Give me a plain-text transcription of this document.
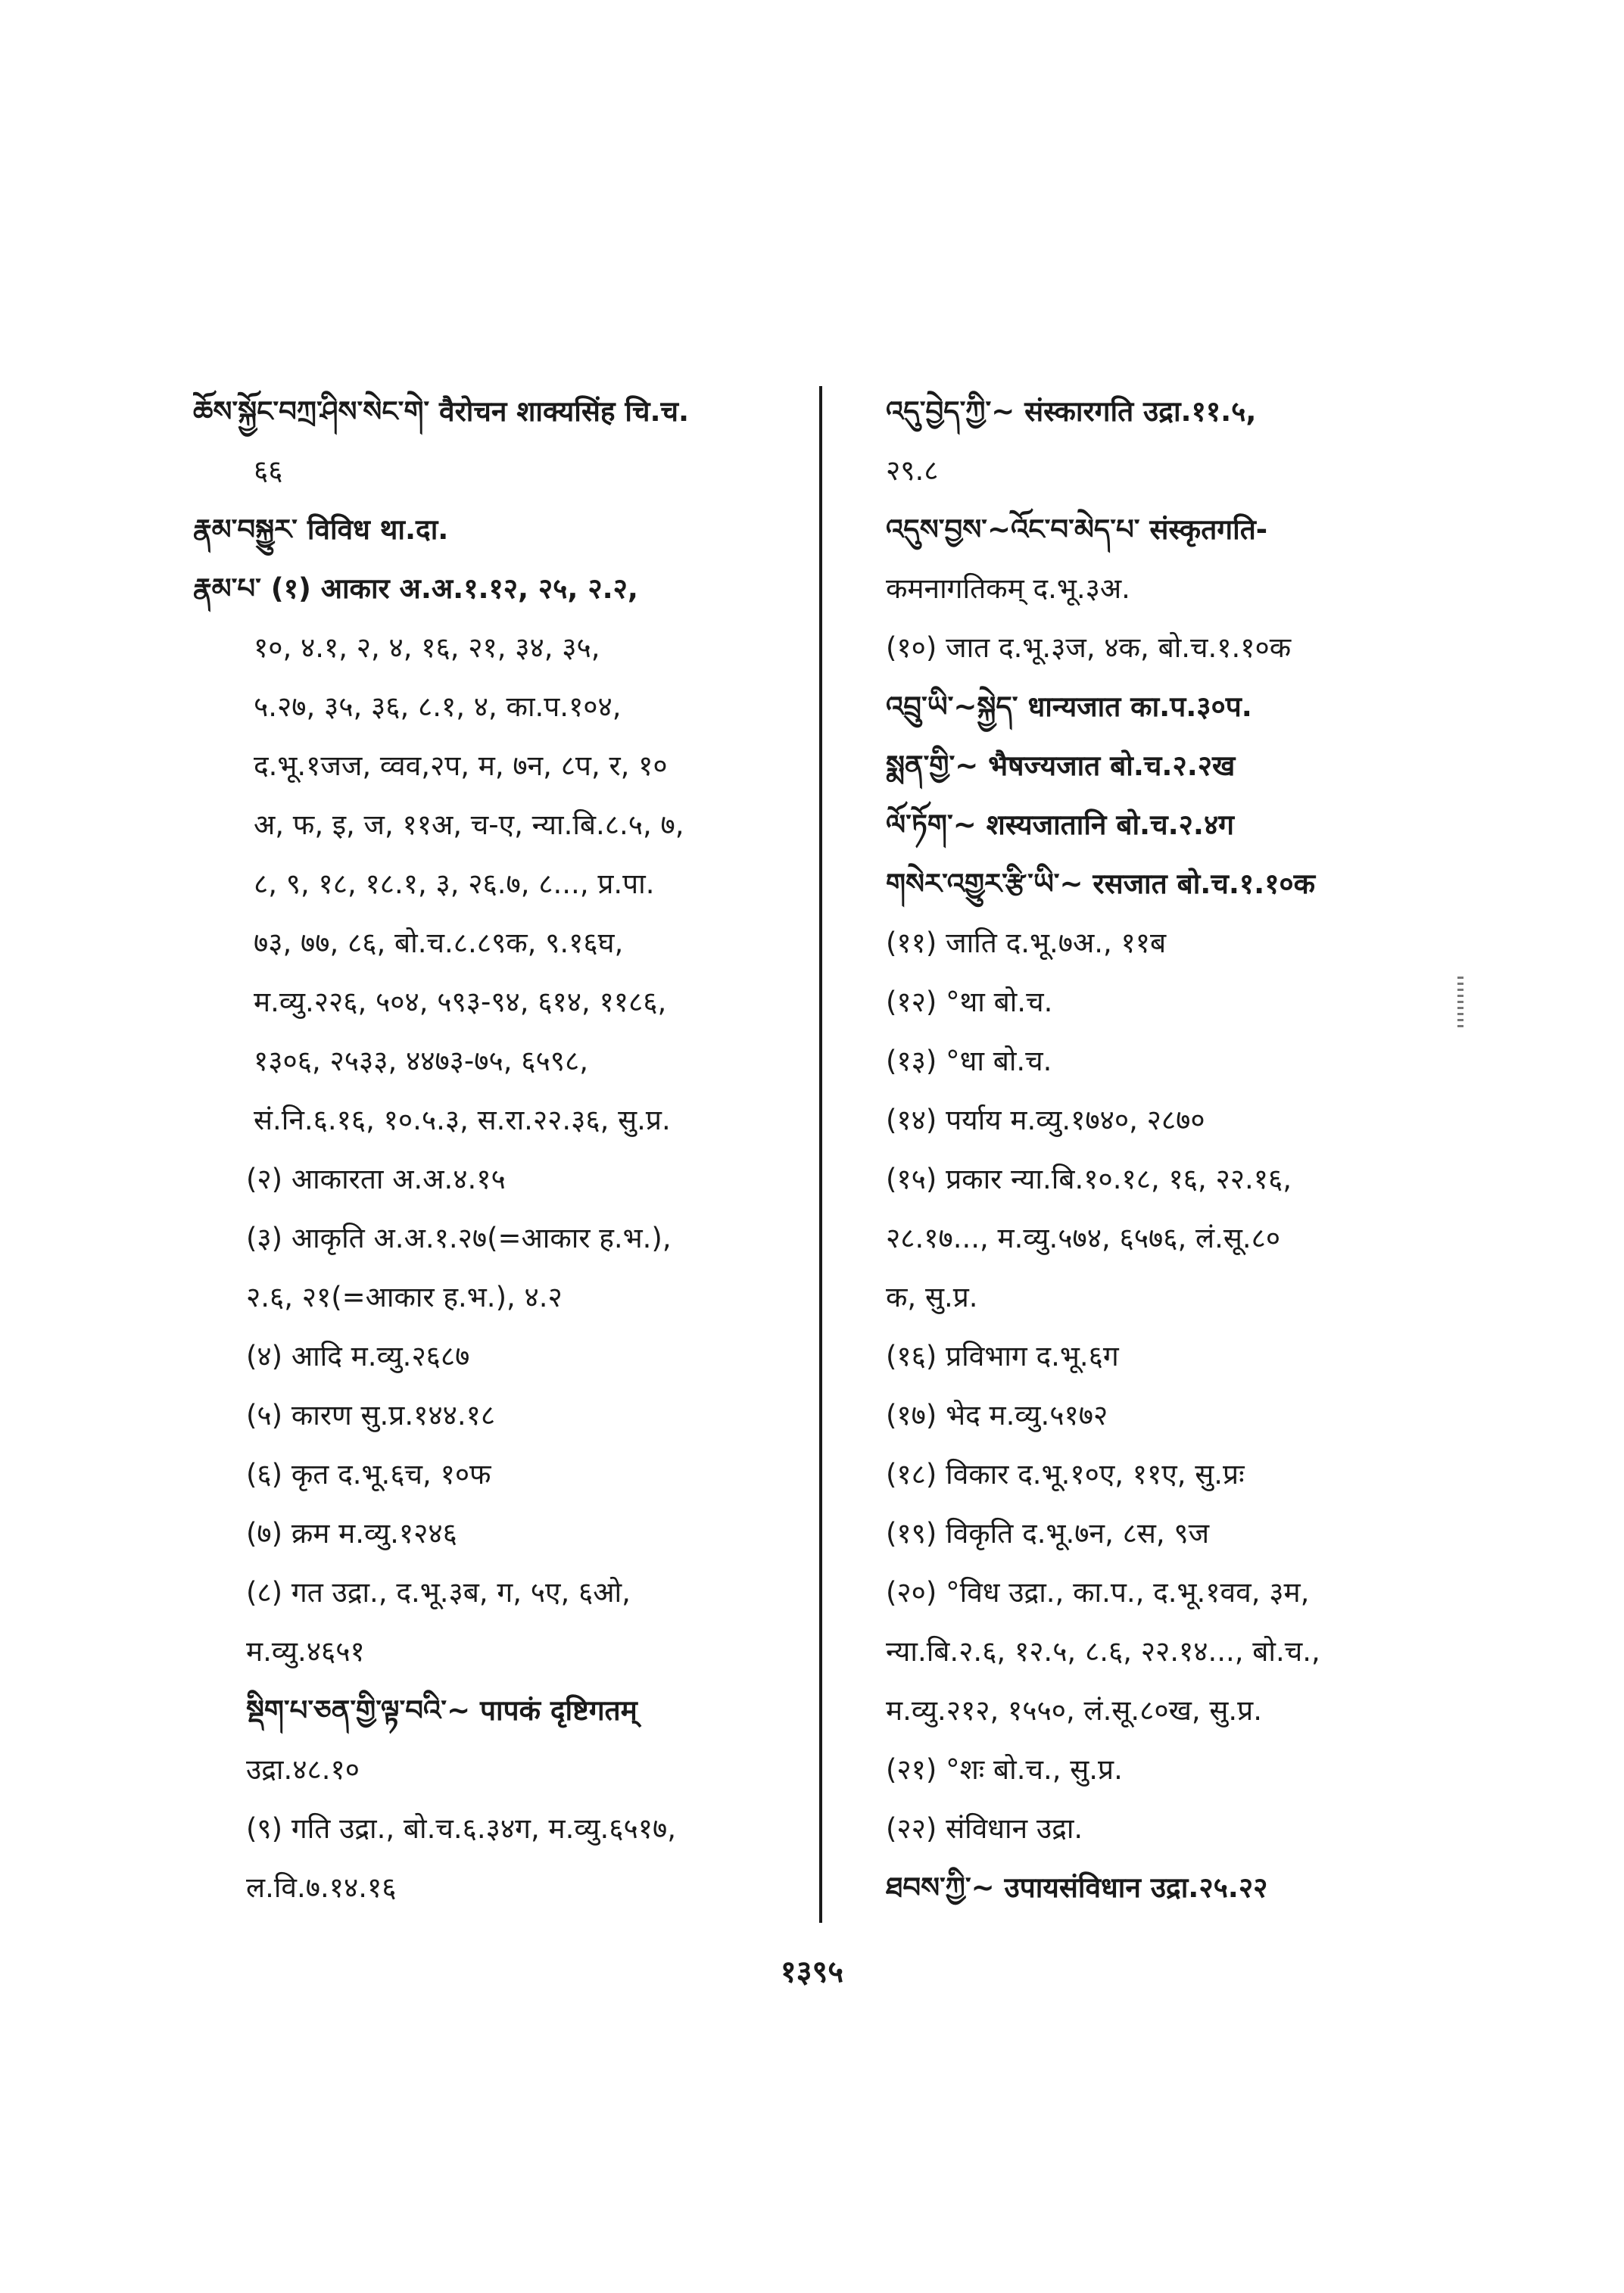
ཆོས་སྐྱོང་བཀྲ་ཤིས་སེང་གེ་ वैरोचन शाक्यसिंह चि.च.
६६
རྣམ་བསྐྱུར་ विविध था.दा.
རྣམ་པ་ (१) आकार अ.अ.१.१२, २५, २.२,
१०, ४.१, २, ४, १६, २१, ३४, ३५,
५.२७, ३५, ३६, ८.१, ४, का.प.१०४,
द.भू.१जज, व्वव,२प, म, ७न, ८प, र, १०
अ, फ, इ, ज, ११अ, च-ए, न्या.बि.८.५, ७,
८, ९, १८, १८.१, ३, २६.७, ८..., प्र.पा.
७३, ७७, ८६, बो.च.८.८९क, ९.१६घ,
म.व्यु.२२६, ५०४, ५९३-९४, ६१४, ११८६,
१३०६, २५३३, ४४७३-७५, ६५९८,
सं.नि.६.१६, १०.५.३, स.रा.२२.३६, सु.प्र.
(२) आकारता अ.अ.४.१५
(३) आकृति अ.अ.१.२७(=आकार ह.भ.),
२.६, २१(=आकार ह.भ.), ४.२
(४) आदि म.व्यु.२६८७
(५) कारण सु.प्र.१४४.१८
(६) कृत द.भू.६च, १०फ
(७) क्रम म.व्यु.१२४६
(८) गत उद्रा., द.भू.३ब, ग, ५ए, ६ओ,
म.व्यु.४६५१
སྡིག་པ་ཅན་གྱི་ལྟ་བའི་~ पापकं दृष्टिगतम्
उद्रा.४८.१०
(९) गति उद्रा., बो.च.६.३४ग, म.व्यु.६५१७,
ल.वि.७.१४.१६
འདུ་བྱེད་ཀྱི་~ संस्कारगति उद्रा.११.५,
२९.८
འདུས་བྱས་~འོང་བ་མེད་པ་ संस्कृतगति-
कमनागतिकम् द.भू.३अ.
(१०) जात द.भू.३ज, ४क, बो.च.१.१०क
འབྲུ་ཡི་~སྐྱེད་ धान्यजात का.प.३०प.
སྨན་གྱི་~ भैषज्यजात बो.च.२.२ख
ལོ་ཏོག་~ शस्यजातानि बो.च.२.४ग
གསེར་འགྱུར་རྩི་ཡི་~ रसजात बो.च.१.१०क
(११) जाति द.भू.७अ., ११ब
(१२) °था बो.च.
(१३) °धा बो.च.
(१४) पर्याय म.व्यु.१७४०, २८७०
(१५) प्रकार न्या.बि.१०.१८, १६, २२.१६,
२८.१७..., म.व्यु.५७४, ६५७६, लं.सू.८०
क, सु.प्र.
(१६) प्रविभाग द.भू.६ग
(१७) भेद म.व्यु.५१७२
(१८) विकार द.भू.१०ए, ११ए, सु.प्रः
(१९) विकृति द.भू.७न, ८स, ९ज
(२०) °विध उद्रा., का.प., द.भू.१वव, ३म,
न्या.बि.२.६, १२.५, ८.६, २२.१४..., बो.च.,
म.व्यु.२१२, १५५०, लं.सू.८०ख, सु.प्र.
(२१) °शः बो.च., सु.प्र.
(२२) संविधान उद्रा.
ཐབས་ཀྱི་~ उपायसंविधान उद्रा.२५.२२
१३९५
